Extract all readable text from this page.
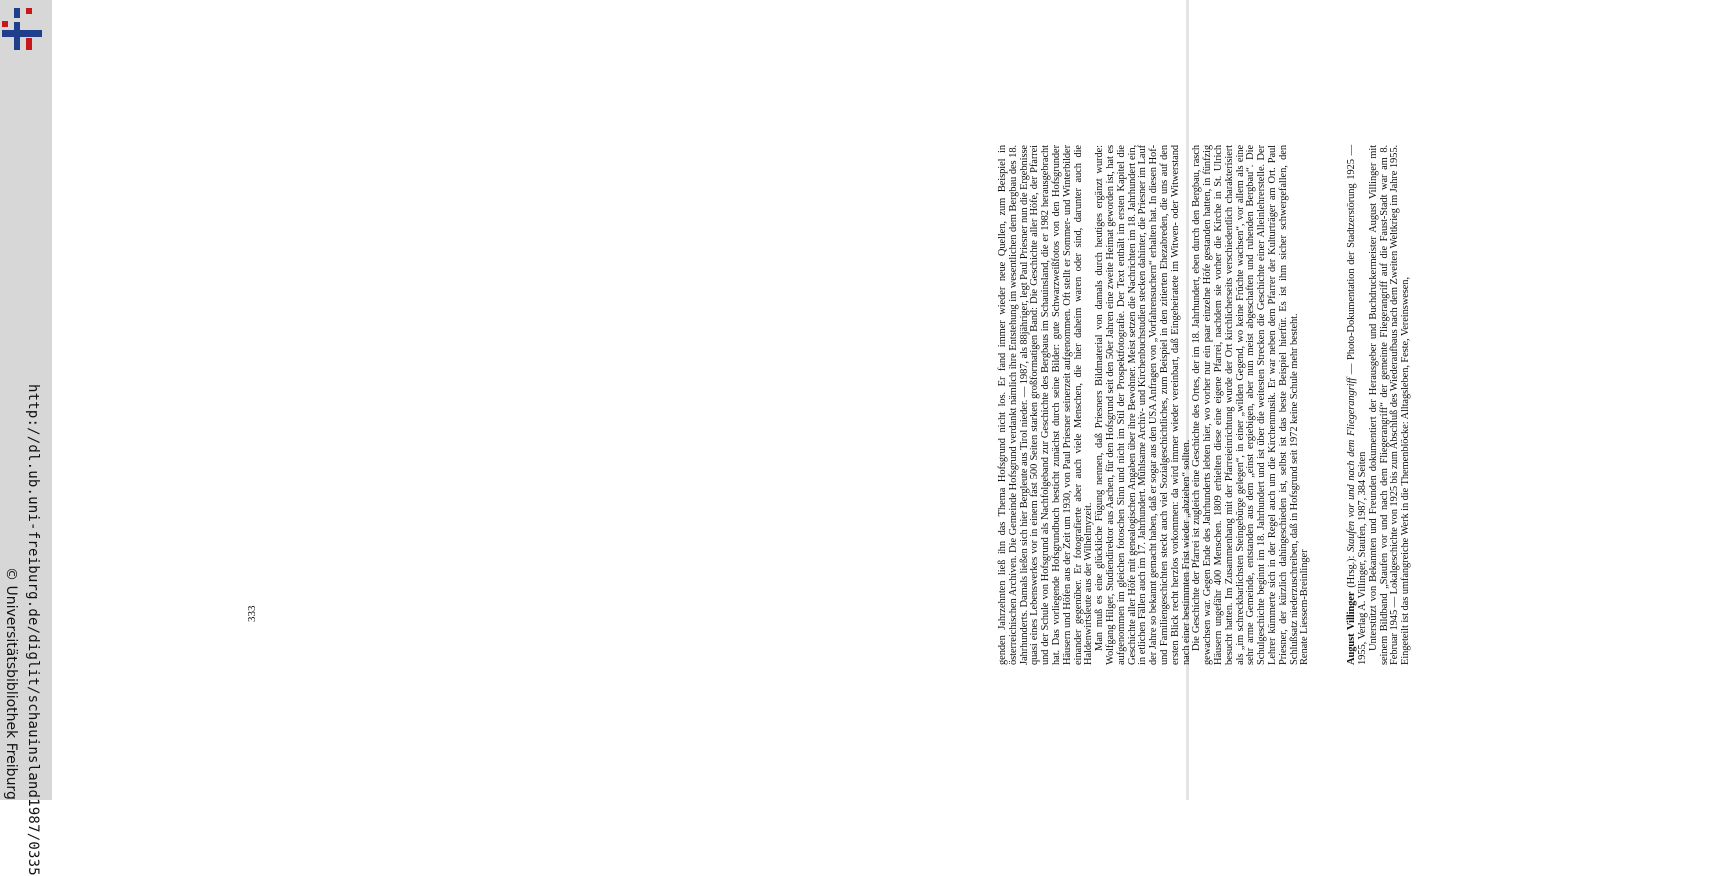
http://dl.ub.uni-freiburg.de/diglit/schauinsland1987/0335
© Universitätsbibliothek Freiburg

genden Jahrzehnten ließ ihn das Thema Hofsgrund nicht los. Er fand immer wieder neue Quellen, zum Beispiel in österreichischen Archiven. Die Gemeinde Hofsgrund verdankt nämlich ihre Entstehung im wesentlichen dem Bergbau des 18. Jahrhunderts. Damals ließen sich hier Bergleute aus Tirol nieder. — 1987, als 88jähriger, legt Paul Priesner nun die Ergebnisse quasi eines Lebenswerkes vor in einem fast 500 Seiten starken großformatigen Band: Die Geschichte aller Höfe, der Pfarrei und der Schule von Hofsgrund als Nachfolgeband zur Geschichte des Bergbaus im Schauinsland, die er 1982 herausgebracht hat. Das vorliegende Hofsgrundbuch besticht zunächst durch seine Bilder: gute Schwarzweißfotos von den Hofsgrunder Häusern und Höfen aus der Zeit um 1930, von Paul Priesner seinerzeit aufgenommen. Oft stellt er Sommer- und Winterbilder einander gegenüber. Er fotografierte aber auch viele Menschen, die hier daheim waren oder sind, darunter auch die Haldenwirtsleute aus der Wilhelmyzeit. Man muß es eine glückliche Fügung nennen, daß Priesners Bildmaterial von damals durch heutiges ergänzt wurde: Wolfgang Hilger, Studiendirektor aus Aachen, für den Hofsgrund seit den 50er Jahren eine zweite Heimat geworden ist, hat es aufgenommen im gleichen fotoschen Sinn und nicht im Stil der Prospektfotografie. Der Text enthält im ersten Kapitel die Geschichte aller Höfe mit genealogischen Angaben über ihre Bewohner. Meist setzen die Nachrichten im 18. Jahrhundert ein, in etlichen Fällen auch im 17. Jahrhundert. Mühlsame Archiv- und Kirchenbuchstudien stecken dahinter, die Priesner im Lauf der Jahre so bekannt gemacht haben, daß er sogar aus den USA Anfragen von „Vorfahrensuchern“ erhalten hat. In diesen Hof- und Familiengeschichten steckt auch viel Sozialgeschichtliches, zum Beispiel in den zitierten Ehezabreden, die uns auf den ersten Blick recht herzlos vorkommen: da wird immer wieder vereinbart, daß Eingeheiratete im Witwen- oder Witwerstand nach einer bestimmten Frist wieder „abziehen“ sollten. Die Geschichte der Pfarrei ist zugleich eine Geschichte des Ortes, der im 18. Jahrhundert, eben durch den Bergbau, rasch gewachsen war. Gegen Ende des Jahrhunderts lebten hier, wo vorher nur ein paar einzelne Höfe gestanden hatten, in fünfzig Häusern ungefähr 400 Menschen. 1809 erhielten diese eine eigene Pfarrei, nachdem sie vorher die Kirche in St. Ulrich besucht hatten. Im Zusammenhang mit der Pfarreieinrichtung wurde der Ort kirchlicherseits verschiedentlich charakterisiert als „im schreckbarlichsten Steingebürge gelegen“, in einer „wilden Gegend, wo keine Früchte wachsen“, vor allem als eine sehr arme Gemeinde, entstanden aus dem „einst ergiebigen, aber nun meist abgeschaften und ruhenden Bergbau“. Die Schulgeschichte beginnt im 18. Jahrhundert und ist über die weitesten Strecken die Geschichte einer Alleinlehrerstelle. Der Lehrer kümmerte sich in der Regel auch um die Kirchenmusik. Er war neben dem Pfarrer der Kulturträger am Ort. Paul Priesner, der kürzlich dahingeschieden ist, selbst ist das beste Beispiel hierfür. Es ist ihm sicher schwergefallen, den Schlußsatz niederzuschreiben, daß in Hofsgrund seit 1972 keine Schule mehr besteht. Renate Liessem-Breinlinger	August Villinger (Hrsg.): Staufen vor und nach dem Fliegerangriff — Photo-Dokumentation der Stadtzerstörung 1925 — 1955, Verlag A. Villinger, Staufen, 1987, 384 Seiten Unterstützt von Bekannten und Freunden dokumentiert der Herausgeber und Buchdruckermeister August Villinger mit seinem Bildband „Staufen vor und nach dem Fliegerangriff“ der gemeinte Fliegerangriff auf die Faust-Stadt war am 8. Februar 1945 — Lokalgeschichte von 1925 bis zum Abschluß des Wiederaufbaus nach dem Zweiten Weltkrieg im Jahre 1955. Eingeteilt ist das umfangreiche Werk in die Themenblöcke: Alltagsleben, Feste, Vereinswesen,

333
